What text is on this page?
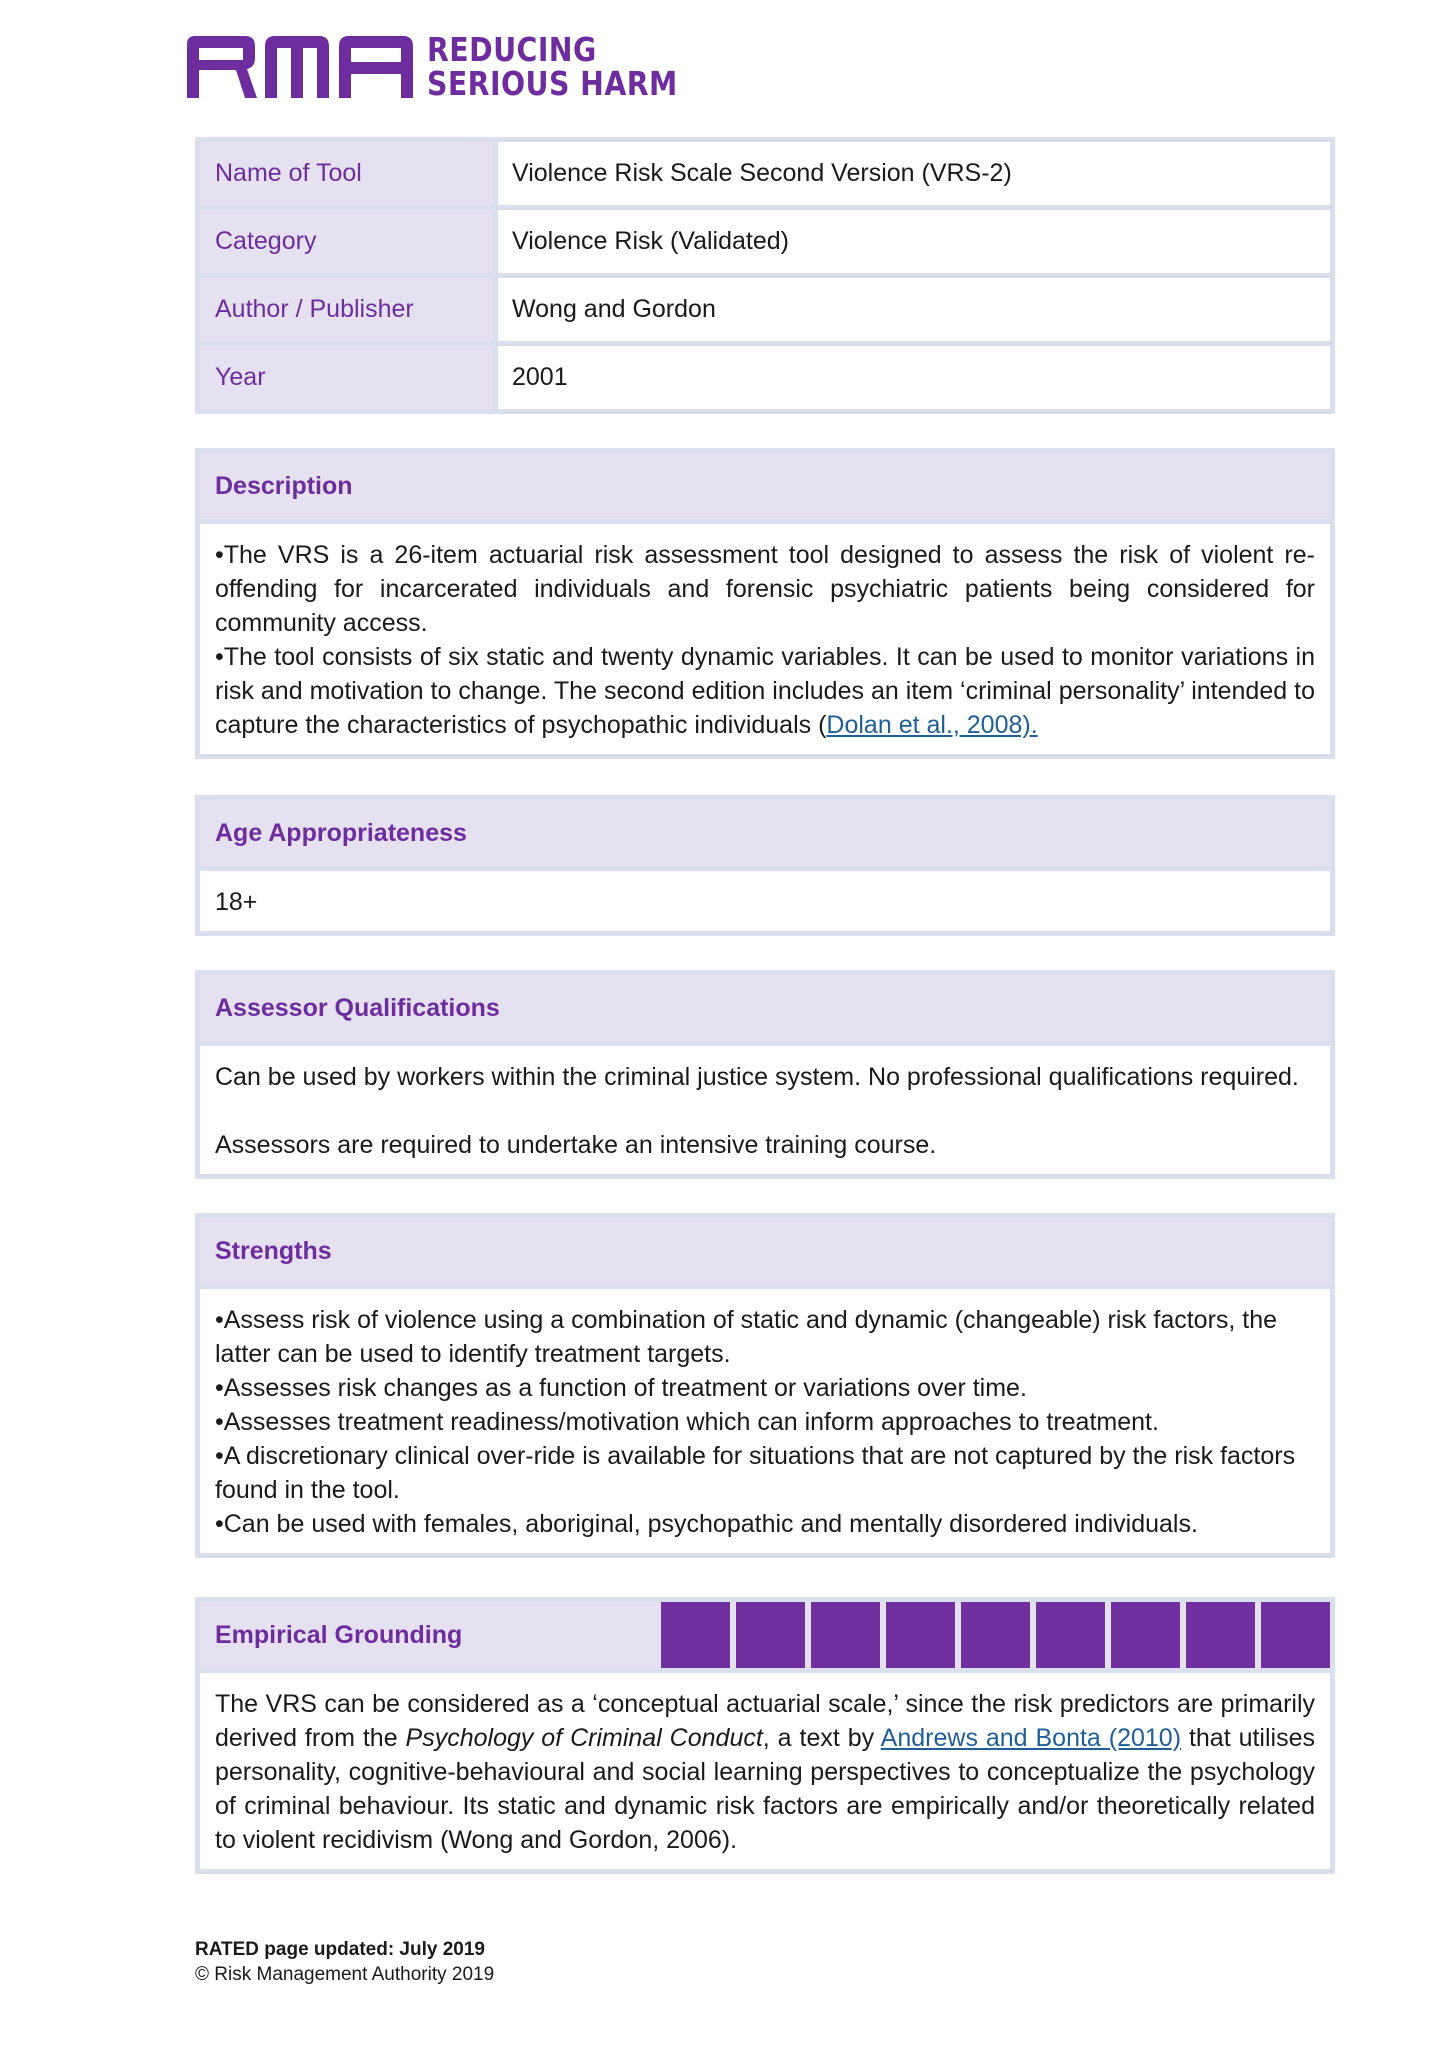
REDUCING
SERIOUS HARM
Name of Tool	Violence Risk Scale Second Version (VRS-2)
Category	Violence Risk (Validated)
Author / Publisher	Wong and Gordon
Year	2001
Description

•The VRS is a 26-item actuarial risk assessment tool designed to assess the risk of violent re-offending for incarcerated individuals and forensic psychiatric patients being considered for community access.

•The tool consists of six static and twenty dynamic variables. It can be used to monitor variations in risk and motivation to change. The second edition includes an item ‘criminal personality’ intended to capture the characteristics of psychopathic individuals (Dolan et al., 2008).

Age Appropriateness

18+

Assessor Qualifications

Can be used by workers within the criminal justice system. No professional qualifications required.

Assessors are required to undertake an intensive training course.

Strengths

•Assess risk of violence using a combination of static and dynamic (changeable) risk factors, the latter can be used to identify treatment targets.

•Assesses risk changes as a function of treatment or variations over time.

•Assesses treatment readiness/motivation which can inform approaches to treatment.

•A discretionary clinical over-ride is available for situations that are not captured by the risk factors found in the tool.

•Can be used with females, aboriginal, psychopathic and mentally disordered individuals.

Empirical Grounding

The VRS can be considered as a ‘conceptual actuarial scale,’ since the risk predictors are primarily derived from the Psychology of Criminal Conduct, a text by Andrews and Bonta (2010) that utilises personality, cognitive-behavioural and social learning perspectives to conceptualize the psychology of criminal behaviour. Its static and dynamic risk factors are empirically and/or theoretically related to violent recidivism (Wong and Gordon, 2006).

RATED page updated: July 2019
© Risk Management Authority 2019
